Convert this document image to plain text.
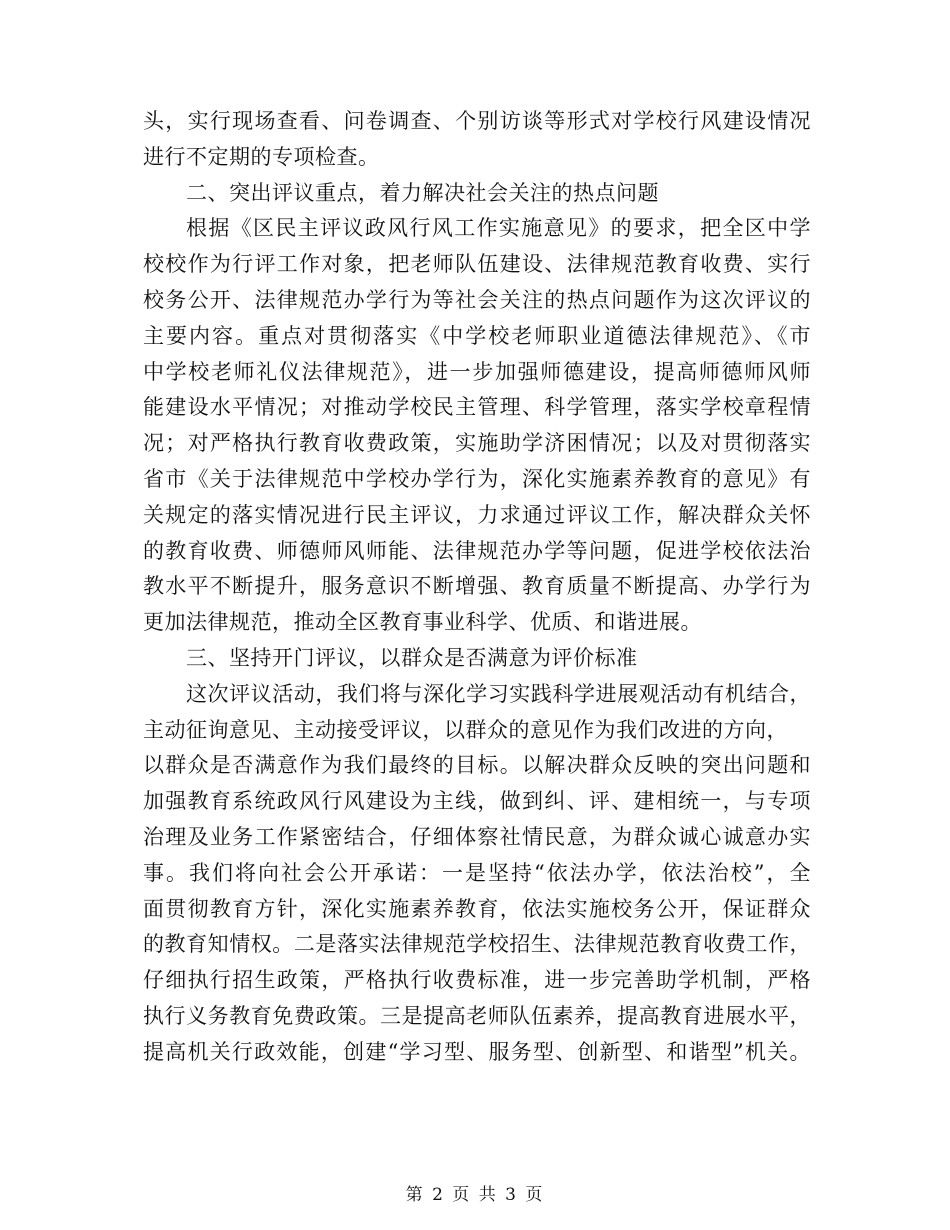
头，实行现场查看、问卷调查、个别访谈等形式对学校行风建设情况
进行不定期的专项检查。
二、突出评议重点，着力解决社会关注的热点问题
根据《区民主评议政风行风工作实施意见》的要求，把全区中学
校校作为行评工作对象，把老师队伍建设、法律规范教育收费、实行
校务公开、法律规范办学行为等社会关注的热点问题作为这次评议的
主要内容。重点对贯彻落实《中学校老师职业道德法律规范》、《市
中学校老师礼仪法律规范》，进一步加强师德建设，提高师德师风师
能建设水平情况；对推动学校民主管理、科学管理，落实学校章程情
况；对严格执行教育收费政策，实施助学济困情况；以及对贯彻落实
省市《关于法律规范中学校办学行为，深化实施素养教育的意见》有
关规定的落实情况进行民主评议，力求通过评议工作，解决群众关怀
的教育收费、师德师风师能、法律规范办学等问题，促进学校依法治
教水平不断提升，服务意识不断增强、教育质量不断提高、办学行为
更加法律规范，推动全区教育事业科学、优质、和谐进展。
三、坚持开门评议，以群众是否满意为评价标准
这次评议活动，我们将与深化学习实践科学进展观活动有机结合，
主动征询意见、主动接受评议，以群众的意见作为我们改进的方向，
以群众是否满意作为我们最终的目标。以解决群众反映的突出问题和
加强教育系统政风行风建设为主线，做到纠、评、建相统一，与专项
治理及业务工作紧密结合，仔细体察社情民意，为群众诚心诚意办实
事。我们将向社会公开承诺：一是坚持“依法办学，依法治校”，全
面贯彻教育方针，深化实施素养教育，依法实施校务公开，保证群众
的教育知情权。二是落实法律规范学校招生、法律规范教育收费工作，
仔细执行招生政策，严格执行收费标准，进一步完善助学机制，严格
执行义务教育免费政策。三是提高老师队伍素养，提高教育进展水平，
提高机关行政效能，创建“学习型、服务型、创新型、和谐型”机关。
第 2 页 共 3 页
